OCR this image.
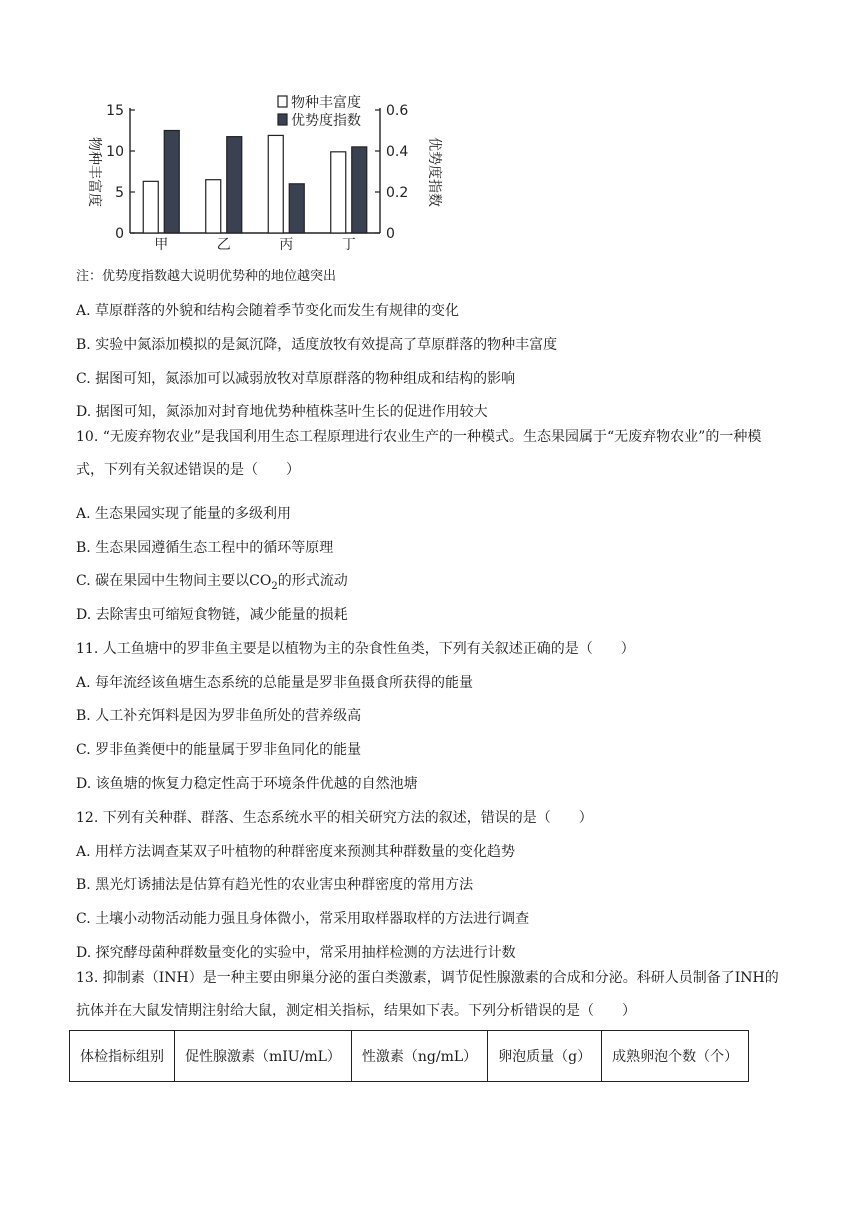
0
5
10
15
0
0.2
0.4
0.6
物种丰富度	优势度指数
甲	乙	丙	丁
物种丰富度
优势度指数
注：优势度指数越大说明优势种的地位越突出
A. 草原群落的外貌和结构会随着季节变化而发生有规律的变化
B. 实验中氮添加模拟的是氮沉降，适度放牧有效提高了草原群落的物种丰富度
C. 据图可知，氮添加可以减弱放牧对草原群落的物种组成和结构的影响
D. 据图可知，氮添加对封育地优势种植株茎叶生长的促进作用较大
10. “无废弃物农业”是我国利用生态工程原理进行农业生产的一种模式。生态果园属于“无废弃物农业”的一种模式，下列有关叙述错误的是（　　）
A. 生态果园实现了能量的多级利用
B. 生态果园遵循生态工程中的循环等原理
C. 碳在果园中生物间主要以$CO_2$的形式流动
D. 去除害虫可缩短食物链，减少能量的损耗
11. 人工鱼塘中的罗非鱼主要是以植物为主的杂食性鱼类，下列有关叙述正确的是（　　）
A. 每年流经该鱼塘生态系统的总能量是罗非鱼摄食所获得的能量
B. 人工补充饵料是因为罗非鱼所处的营养级高
C. 罗非鱼粪便中的能量属于罗非鱼同化的能量
D. 该鱼塘的恢复力稳定性高于环境条件优越的自然池塘
12. 下列有关种群、群落、生态系统水平的相关研究方法的叙述，错误的是（　　）
A. 用样方法调查某双子叶植物的种群密度来预测其种群数量的变化趋势
B. 黑光灯诱捕法是估算有趋光性的农业害虫种群密度的常用方法
C. 土壤小动物活动能力强且身体微小，常采用取样器取样的方法进行调查
D. 探究酵母菌种群数量变化的实验中，常采用抽样检测的方法进行计数
13. 抑制素（INH）是一种主要由卵巢分泌的蛋白类激素，调节促性腺激素的合成和分泌。科研人员制备了INH的抗体并在大鼠发情期注射给大鼠，测定相关指标，结果如下表。下列分析错误的是（　　）
体检指标组别	促性腺激素（mIU/mL）	性激素（ng/mL）	卵泡质量（g）	成熟卵泡个数（个）
